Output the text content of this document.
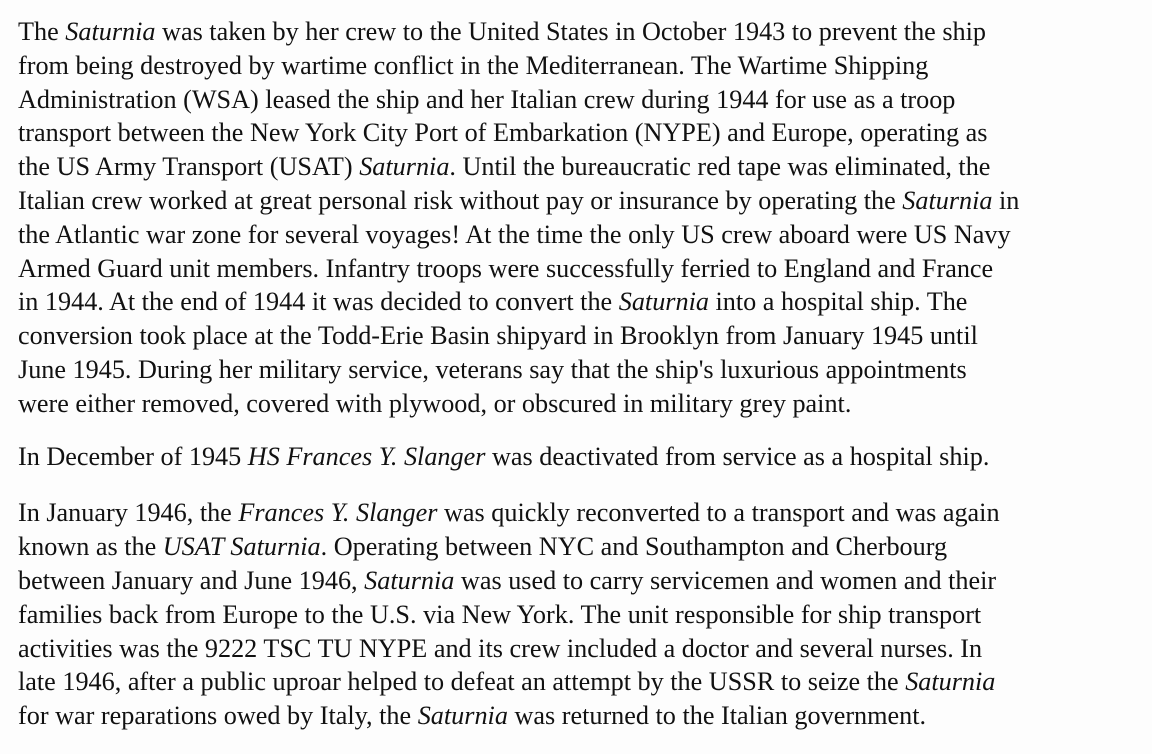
The Saturnia was taken by her crew to the United States in October 1943 to prevent the ship
from being destroyed by wartime conflict in the Mediterranean. The Wartime Shipping
Administration (WSA) leased the ship and her Italian crew during 1944 for use as a troop
transport between the New York City Port of Embarkation (NYPE) and Europe, operating as
the US Army Transport (USAT) Saturnia. Until the bureaucratic red tape was eliminated, the
Italian crew worked at great personal risk without pay or insurance by operating the Saturnia in
the Atlantic war zone for several voyages! At the time the only US crew aboard were US Navy
Armed Guard unit members. Infantry troops were successfully ferried to England and France
in 1944. At the end of 1944 it was decided to convert the Saturnia into a hospital ship. The
conversion took place at the Todd-Erie Basin shipyard in Brooklyn from January 1945 until
June 1945. During her military service, veterans say that the ship's luxurious appointments
were either removed, covered with plywood, or obscured in military grey paint.

In December of 1945 HS Frances Y. Slanger was deactivated from service as a hospital ship.

In January 1946, the Frances Y. Slanger was quickly reconverted to a transport and was again
known as the USAT Saturnia. Operating between NYC and Southampton and Cherbourg
between January and June 1946, Saturnia was used to carry servicemen and women and their
families back from Europe to the U.S. via New York. The unit responsible for ship transport
activities was the 9222 TSC TU NYPE and its crew included a doctor and several nurses. In
late 1946, after a public uproar helped to defeat an attempt by the USSR to seize the Saturnia
for war reparations owed by Italy, the Saturnia was returned to the Italian government.
